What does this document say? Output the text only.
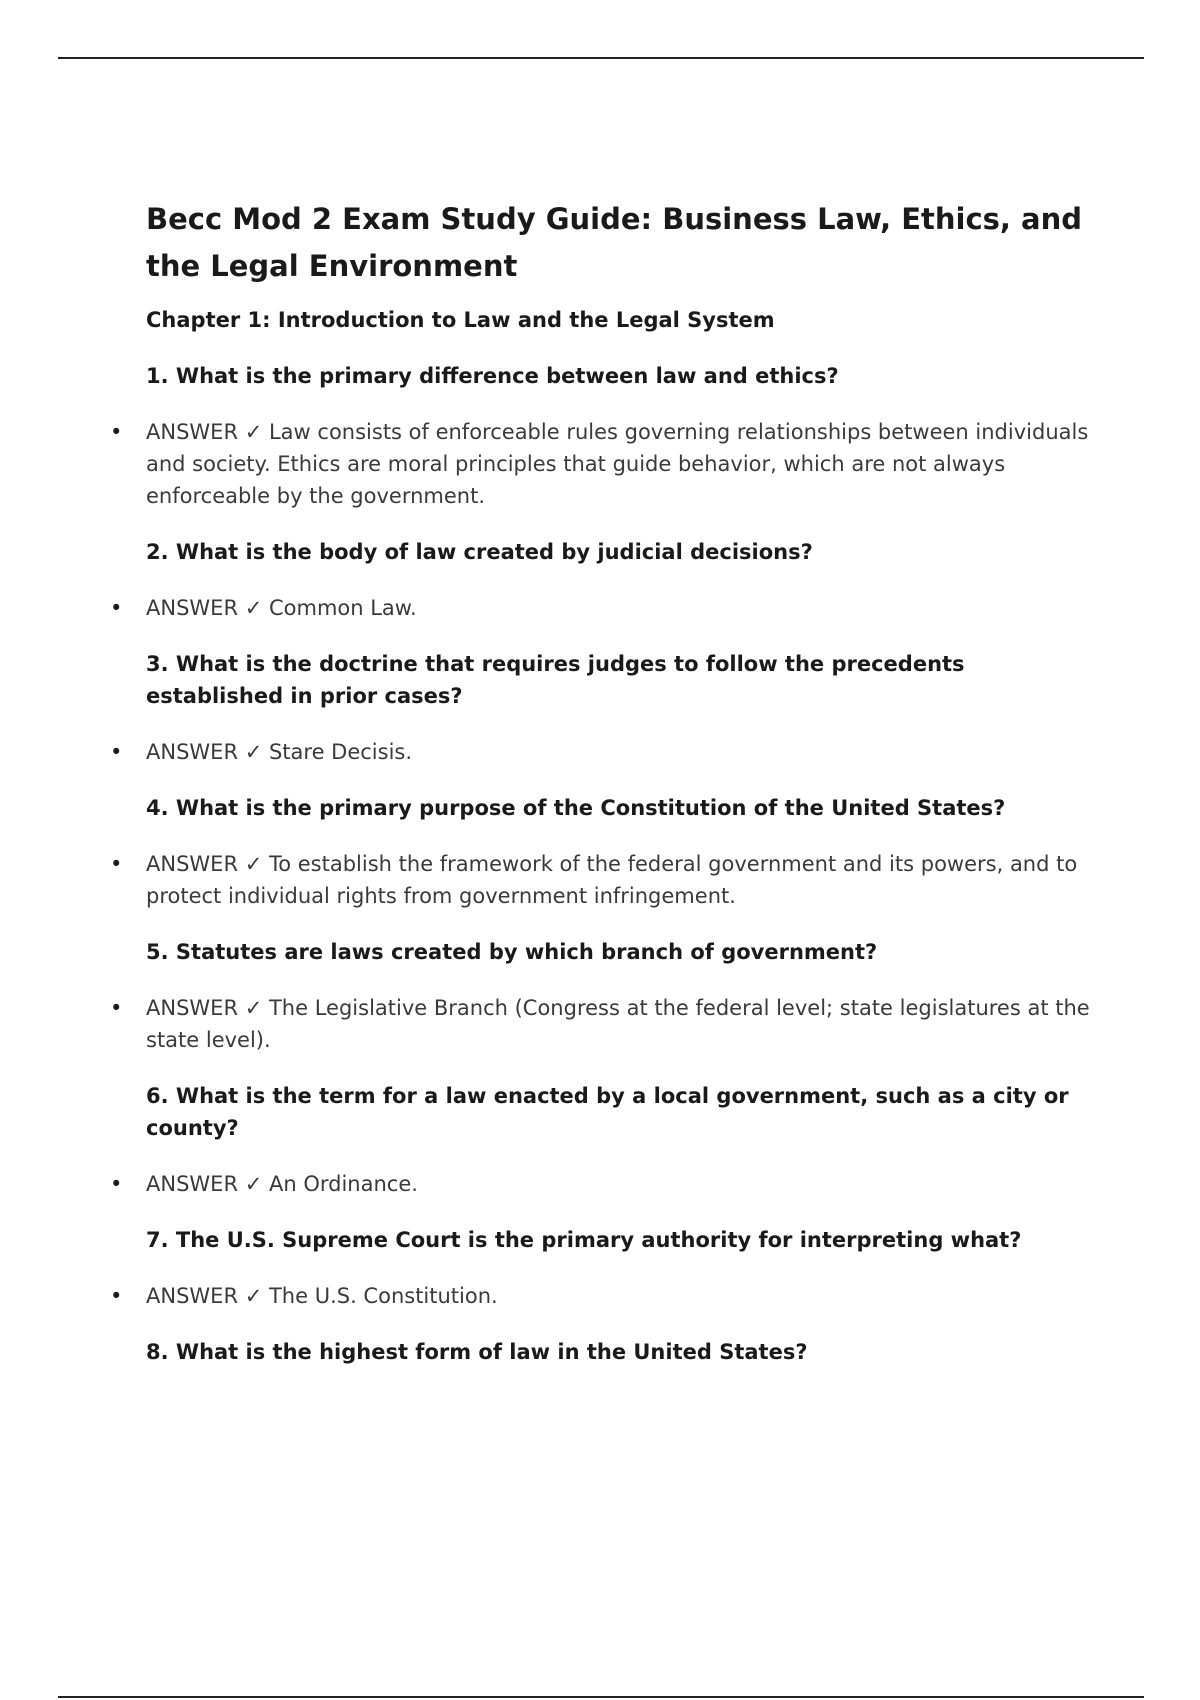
Becc Mod 2 Exam Study Guide: Business Law, Ethics, and the Legal Environment
Chapter 1: Introduction to Law and the Legal System
1. What is the primary difference between law and ethics?
• ANSWER ✓ Law consists of enforceable rules governing relationships between individuals and society. Ethics are moral principles that guide behavior, which are not always enforceable by the government.
2. What is the body of law created by judicial decisions?
• ANSWER ✓ Common Law.
3. What is the doctrine that requires judges to follow the precedents established in prior cases?
• ANSWER ✓ Stare Decisis.
4. What is the primary purpose of the Constitution of the United States?
• ANSWER ✓ To establish the framework of the federal government and its powers, and to protect individual rights from government infringement.
5. Statutes are laws created by which branch of government?
• ANSWER ✓ The Legislative Branch (Congress at the federal level; state legislatures at the state level).
6. What is the term for a law enacted by a local government, such as a city or county?
• ANSWER ✓ An Ordinance.
7. The U.S. Supreme Court is the primary authority for interpreting what?
• ANSWER ✓ The U.S. Constitution.
8. What is the highest form of law in the United States?
